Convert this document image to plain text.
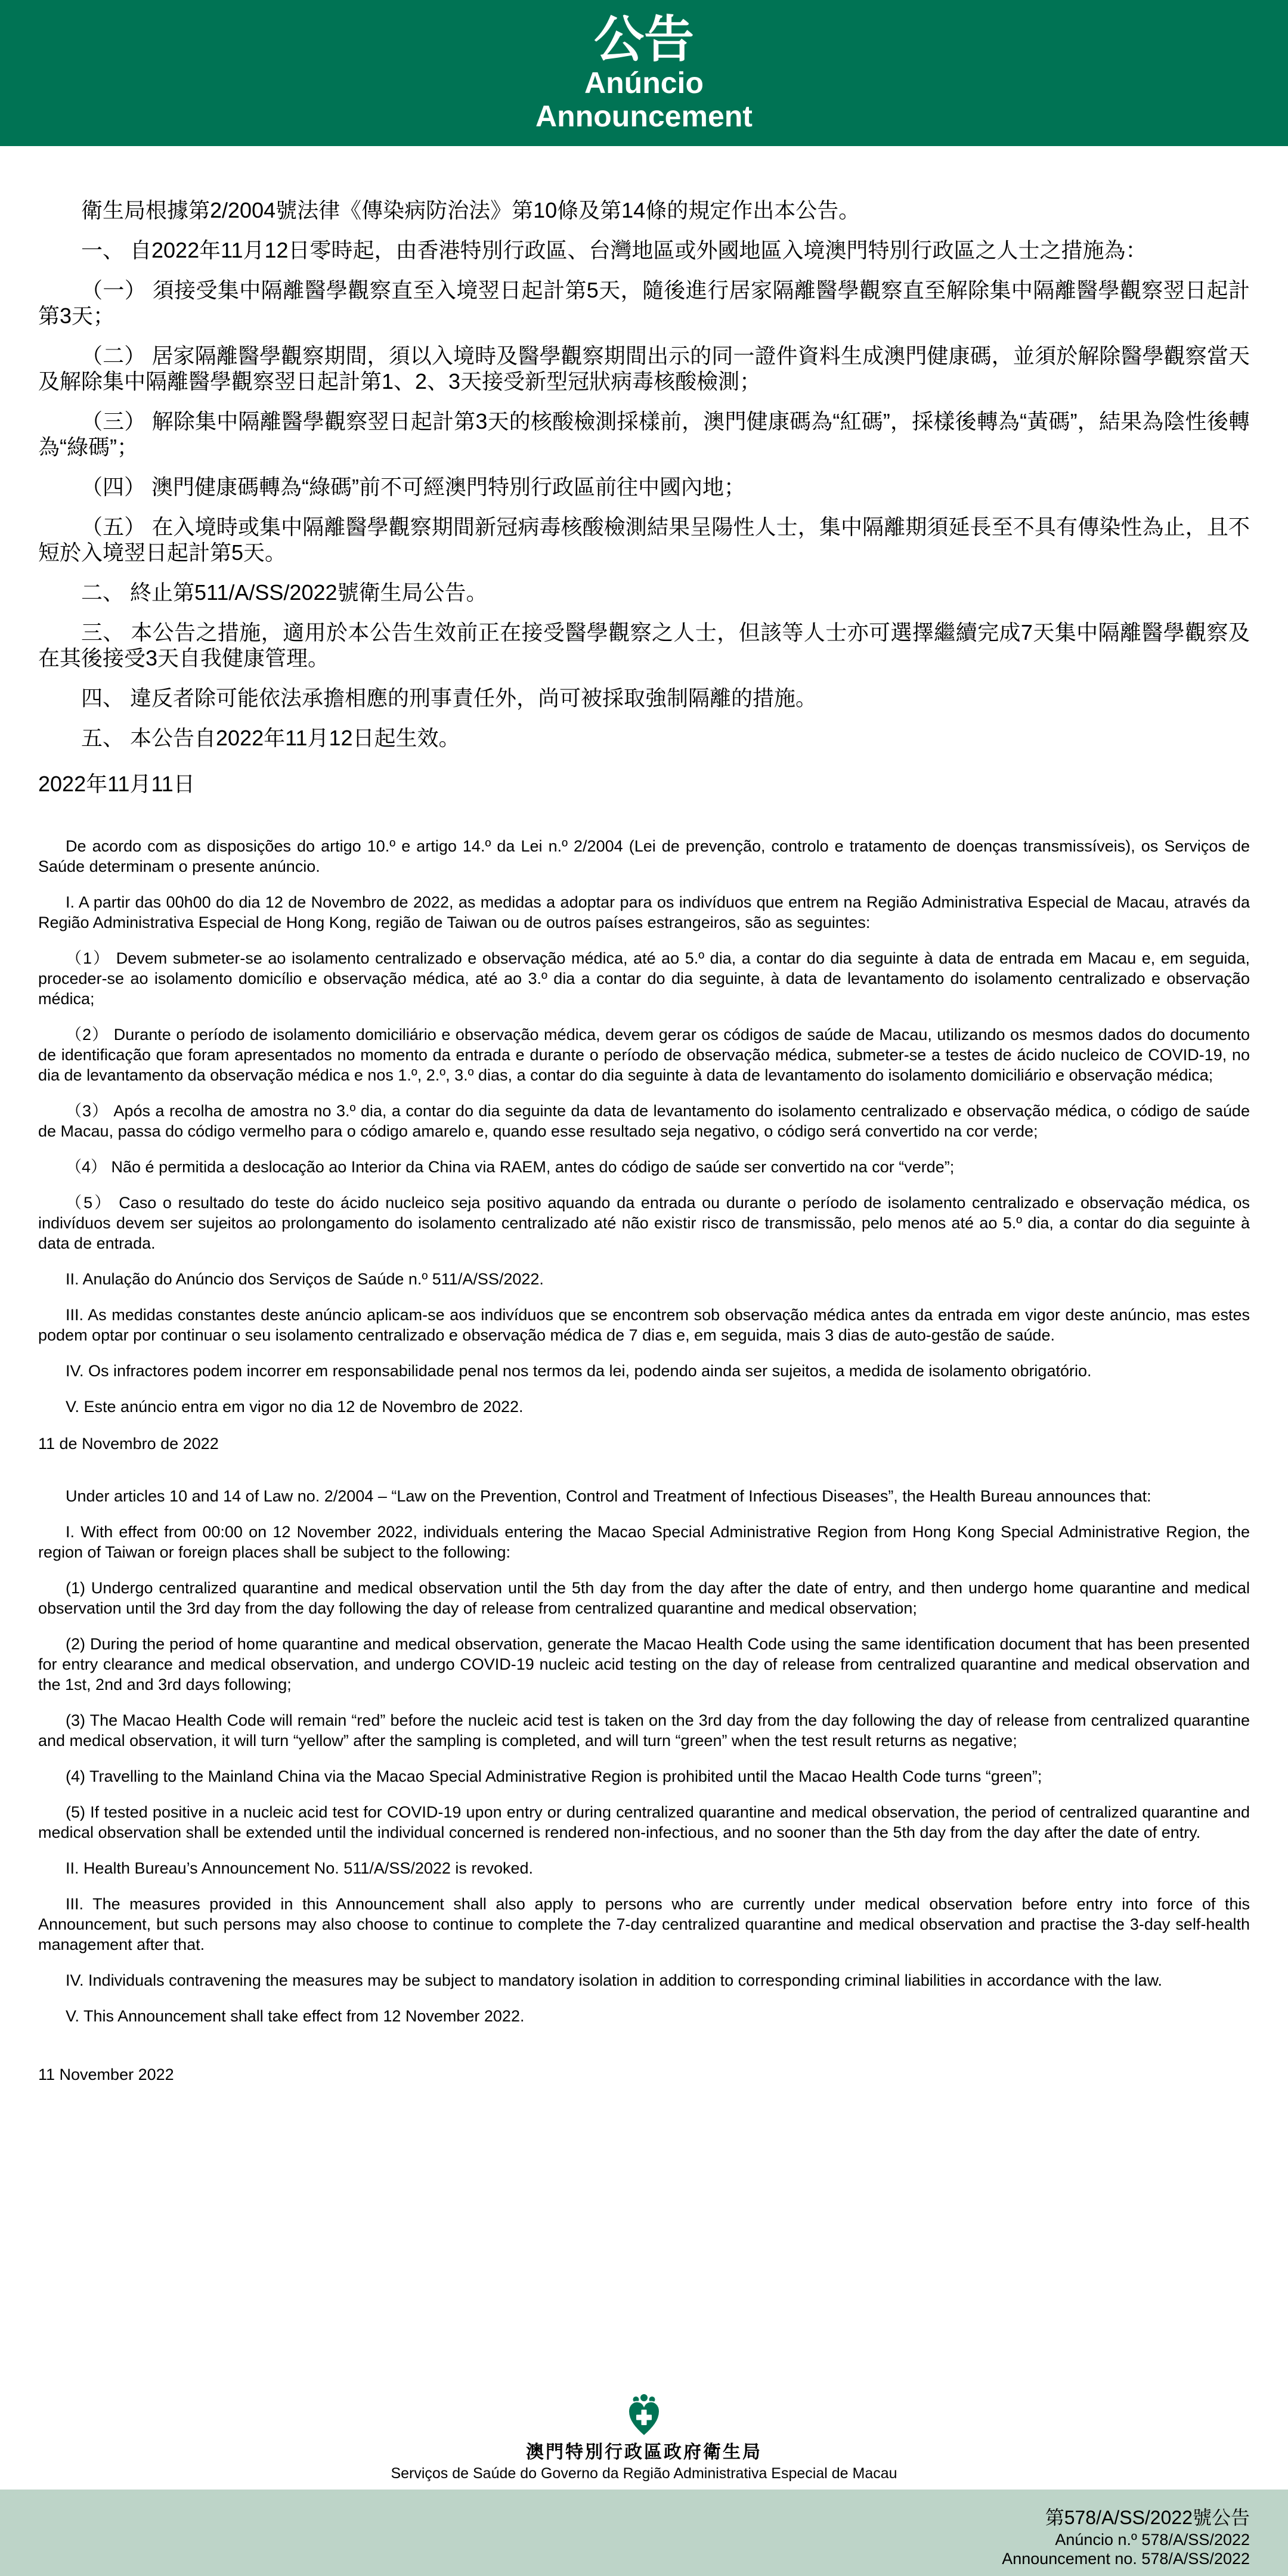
公告
Anúncio
Announcement

衛生局根據第2/2004號法律《傳染病防治法》第10條及第14條的規定作出本公告。

一、 自2022年11月12日零時起，由香港特別行政區、台灣地區或外國地區入境澳門特別行政區之人士之措施為：

（一） 須接受集中隔離醫學觀察直至入境翌日起計第5天，隨後進行居家隔離醫學觀察直至解除集中隔離醫學觀察翌日起計第3天；

（二） 居家隔離醫學觀察期間，須以入境時及醫學觀察期間出示的同一證件資料生成澳門健康碼，並須於解除醫學觀察當天及解除集中隔離醫學觀察翌日起計第1、2、3天接受新型冠狀病毒核酸檢測；

（三） 解除集中隔離醫學觀察翌日起計第3天的核酸檢測採樣前，澳門健康碼為“紅碼”，採樣後轉為“黃碼”，結果為陰性後轉為“綠碼”；

（四） 澳門健康碼轉為“綠碼”前不可經澳門特別行政區前往中國內地；

（五） 在入境時或集中隔離醫學觀察期間新冠病毒核酸檢測結果呈陽性人士，集中隔離期須延長至不具有傳染性為止，且不短於入境翌日起計第5天。

二、 終止第511/A/SS/2022號衛生局公告。

三、 本公告之措施，適用於本公告生效前正在接受醫學觀察之人士，但該等人士亦可選擇繼續完成7天集中隔離醫學觀察及在其後接受3天自我健康管理。

四、 違反者除可能依法承擔相應的刑事責任外，尚可被採取強制隔離的措施。

五、 本公告自2022年11月12日起生效。

2022年11月11日

De acordo com as disposições do artigo 10.º e artigo 14.º da Lei n.º 2/2004 (Lei de prevenção, controlo e tratamento de doenças transmissíveis), os Serviços de Saúde determinam o presente anúncio.

I. A partir das 00h00 do dia 12 de Novembro de 2022, as medidas a adoptar para os indivíduos que entrem na Região Administrativa Especial de Macau, através da Região Administrativa Especial de Hong Kong, região de Taiwan ou de outros países estrangeiros, são as seguintes:

（1） Devem submeter-se ao isolamento centralizado e observação médica, até ao 5.º dia, a contar do dia seguinte à data de entrada em Macau e, em seguida, proceder-se ao isolamento domicílio e observação médica, até ao 3.º dia a contar do dia seguinte, à data de levantamento do isolamento centralizado e observação médica;

（2） Durante o período de isolamento domiciliário e observação médica, devem gerar os códigos de saúde de Macau, utilizando os mesmos dados do documento de identificação que foram apresentados no momento da entrada e durante o período de observação médica, submeter-se a testes de ácido nucleico de COVID-19, no dia de levantamento da observação médica e nos 1.º, 2.º, 3.º dias, a contar do dia seguinte à data de levantamento do isolamento domiciliário e observação médica;

（3） Após a recolha de amostra no 3.º dia, a contar do dia seguinte da data de levantamento do isolamento centralizado e observação médica, o código de saúde de Macau, passa do código vermelho para o código amarelo e, quando esse resultado seja negativo, o código será convertido na cor verde;

（4） Não é permitida a deslocação ao Interior da China via RAEM, antes do código de saúde ser convertido na cor “verde”;

（5） Caso o resultado do teste do ácido nucleico seja positivo aquando da entrada ou durante o período de isolamento centralizado e observação médica, os indivíduos devem ser sujeitos ao prolongamento do isolamento centralizado até não existir risco de transmissão, pelo menos até ao 5.º dia, a contar do dia seguinte à data de entrada.

II. Anulação do Anúncio dos Serviços de Saúde n.º 511/A/SS/2022.

III. As medidas constantes deste anúncio aplicam-se aos indivíduos que se encontrem sob observação médica antes da entrada em vigor deste anúncio, mas estes podem optar por continuar o seu isolamento centralizado e observação médica de 7 dias e, em seguida, mais 3 dias de auto-gestão de saúde.

IV. Os infractores podem incorrer em responsabilidade penal nos termos da lei, podendo ainda ser sujeitos, a medida de isolamento obrigatório.

V. Este anúncio entra em vigor no dia 12 de Novembro de 2022.

11 de Novembro de 2022

Under articles 10 and 14 of Law no. 2/2004 – “Law on the Prevention, Control and Treatment of Infectious Diseases”, the Health Bureau announces that:

I. With effect from 00:00 on 12 November 2022, individuals entering the Macao Special Administrative Region from Hong Kong Special Administrative Region, the region of Taiwan or foreign places shall be subject to the following:

(1) Undergo centralized quarantine and medical observation until the 5th day from the day after the date of entry, and then undergo home quarantine and medical observation until the 3rd day from the day following the day of release from centralized quarantine and medical observation;

(2) During the period of home quarantine and medical observation, generate the Macao Health Code using the same identification document that has been presented for entry clearance and medical observation, and undergo COVID-19 nucleic acid testing on the day of release from centralized quarantine and medical observation and the 1st, 2nd and 3rd days following;

(3) The Macao Health Code will remain “red” before the nucleic acid test is taken on the 3rd day from the day following the day of release from centralized quarantine and medical observation, it will turn “yellow” after the sampling is completed, and will turn “green” when the test result returns as negative;

(4) Travelling to the Mainland China via the Macao Special Administrative Region is prohibited until the Macao Health Code turns “green”;

(5) If tested positive in a nucleic acid test for COVID-19 upon entry or during centralized quarantine and medical observation, the period of centralized quarantine and medical observation shall be extended until the individual concerned is rendered non-infectious, and no sooner than the 5th day from the day after the date of entry.

II. Health Bureau’s Announcement No. 511/A/SS/2022 is revoked.

III. The measures provided in this Announcement shall also apply to persons who are currently under medical observation before entry into force of this Announcement, but such persons may also choose to continue to complete the 7-day centralized quarantine and medical observation and practise the 3-day self-health management after that.

IV. Individuals contravening the measures may be subject to mandatory isolation in addition to corresponding criminal liabilities in accordance with the law.

V. This Announcement shall take effect from 12 November 2022.

11 November 2022

澳門特別行政區政府衛生局
Serviços de Saúde do Governo da Região Administrativa Especial de Macau
第578/A/SS/2022號公告
Anúncio n.º 578/A/SS/2022
Announcement no. 578/A/SS/2022
